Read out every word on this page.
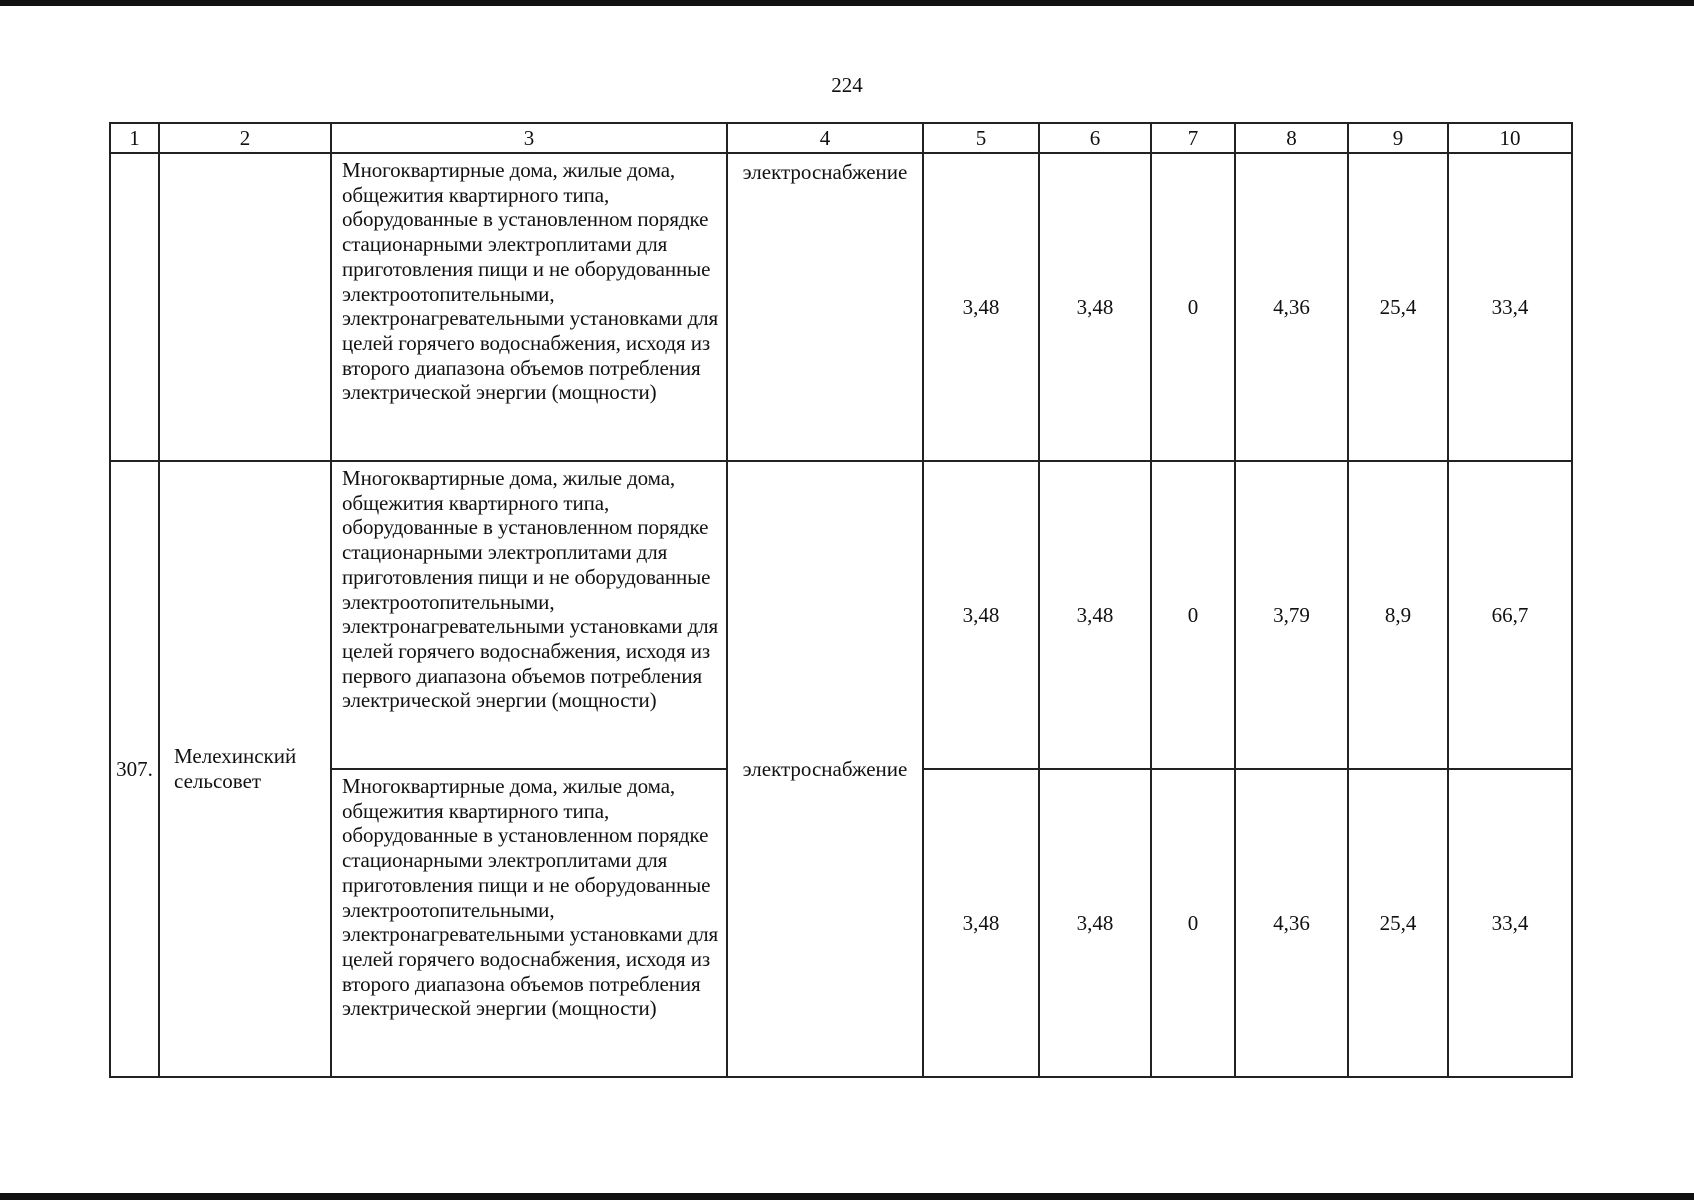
224
1	2	3	4	5	6	7	8	9	10
		Многоквартирные дома, жилые дома, общежития квартирного типа, оборудованные в установленном порядке стационарными электроплитами для приготовления пищи и не оборудованные электроотопительными, электронагревательными установками для целей горячего водоснабжения, исходя из второго диапазона объемов потребления электрической энергии (мощности)	электроснабжение	3,48	3,48	0	4,36	25,4	33,4
307.	Мелехинский сельсовет	Многоквартирные дома, жилые дома, общежития квартирного типа, оборудованные в установленном порядке стационарными электроплитами для приготовления пищи и не оборудованные электроотопительными, электронагревательными установками для целей горячего водоснабжения, исходя из первого диапазона объемов потребления электрической энергии (мощности)	электроснабжение	3,48	3,48	0	3,79	8,9	66,7
		Многоквартирные дома, жилые дома, общежития квартирного типа, оборудованные в установленном порядке стационарными электроплитами для приготовления пищи и не оборудованные электроотопительными, электронагревательными установками для целей горячего водоснабжения, исходя из второго диапазона объемов потребления электрической энергии (мощности)		3,48	3,48	0	4,36	25,4	33,4
